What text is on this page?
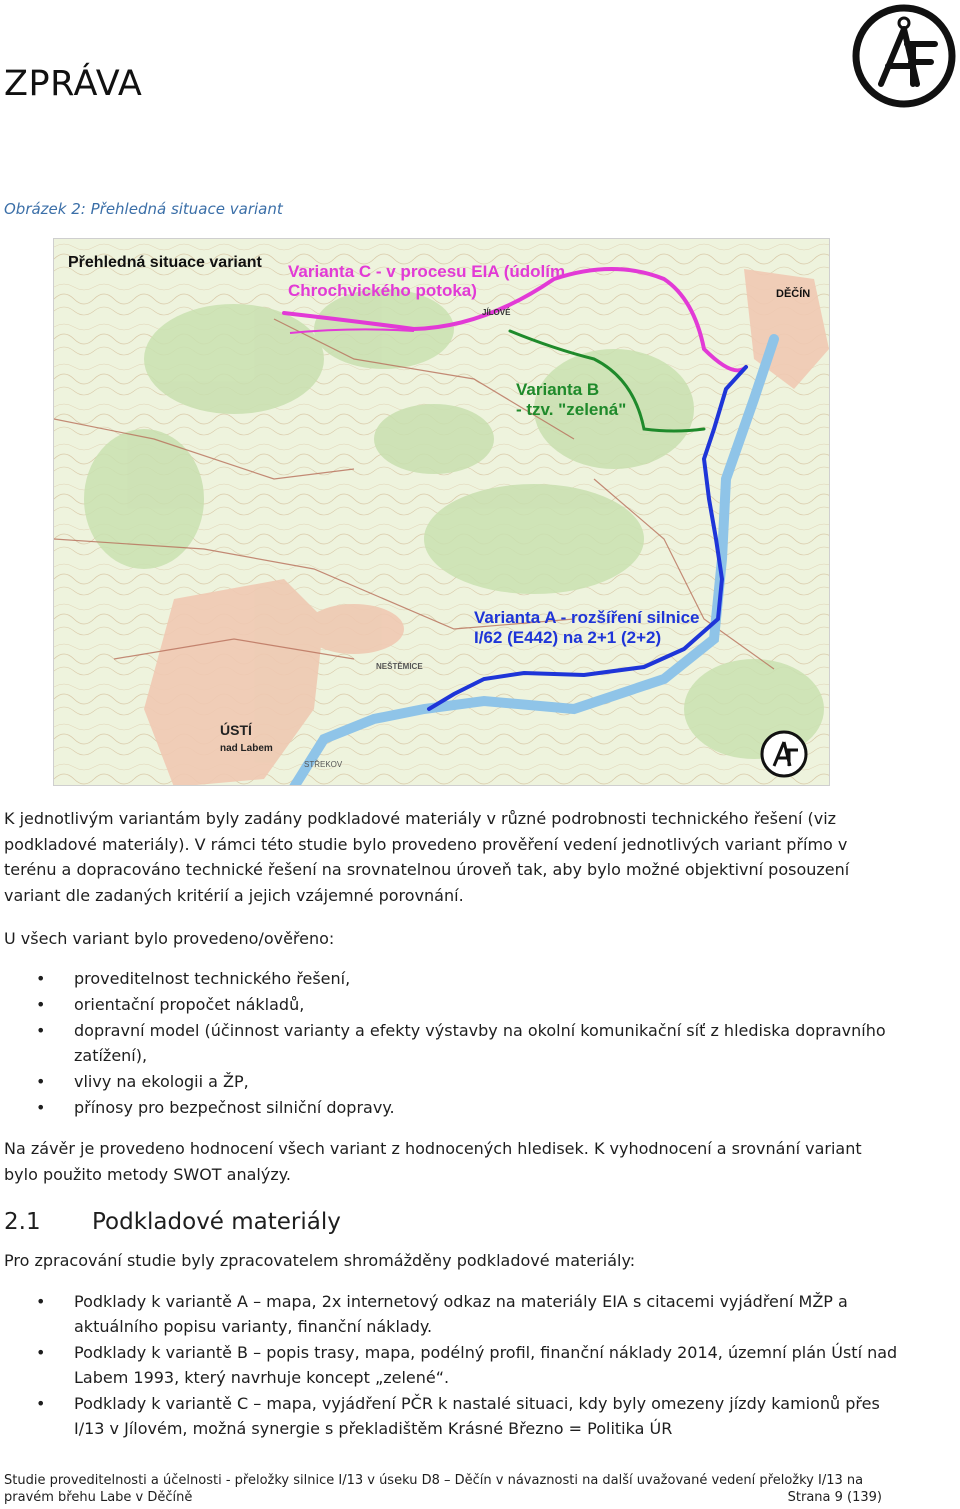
ZPRÁVA
Obrázek 2: Přehledná situace variant
Přehledná situace variant Varianta C - v procesu EIA (údolím
Chrochvického potoka)
Varianta B
- tzv. "zelená"
Varianta A - rozšíření silnice
I/62 (E442) na 2+1 (2+2)
DĚČÍN
JÍLOVÉ
NEŠTĚMICE
STŘEKOV
ÚSTÍ
nad Labem
K jednotlivým variantám byly zadány podkladové materiály v různé podrobnosti technického řešení (viz podkladové materiály). V rámci této studie bylo provedeno prověření vedení jednotlivých variant přímo v terénu a dopracováno technické řešení na srovnatelnou úroveň tak, aby bylo možné objektivní posouzení variant dle zadaných kritérií a jejich vzájemné porovnání.
U všech variant bylo provedeno/ověřeno:
• proveditelnost technického řešení,
• orientační propočet nákladů,
• dopravní model (účinnost varianty a efekty výstavby na okolní komunikační síť z hlediska dopravního zatížení),
• vlivy na ekologii a ŽP,
• přínosy pro bezpečnost silniční dopravy.
Na závěr je provedeno hodnocení všech variant z hodnocených hledisek. K vyhodnocení a srovnání variant bylo použito metody SWOT analýzy.
2.1 Podkladové materiály
Pro zpracování studie byly zpracovatelem shromážděny podkladové materiály:
• Podklady k variantě A – mapa, 2x internetový odkaz na materiály EIA s citacemi vyjádření MŽP a aktuálního popisu varianty, finanční náklady.
• Podklady k variantě B – popis trasy, mapa, podélný profil, finanční náklady 2014, územní plán Ústí nad Labem 1993, který navrhuje koncept „zelené“.
• Podklady k variantě C – mapa, vyjádření PČR k nastalé situaci, kdy byly omezeny jízdy kamionů přes I/13 v Jílovém, možná synergie s překladištěm Krásné Březno = Politika ÚR
Studie proveditelnosti a účelnosti - přeložky silnice I/13 v úseku D8 – Děčín v návaznosti na další uvažované vedení přeložky I/13 na pravém břehu Labe v Děčíně	Strana 9 (139)
